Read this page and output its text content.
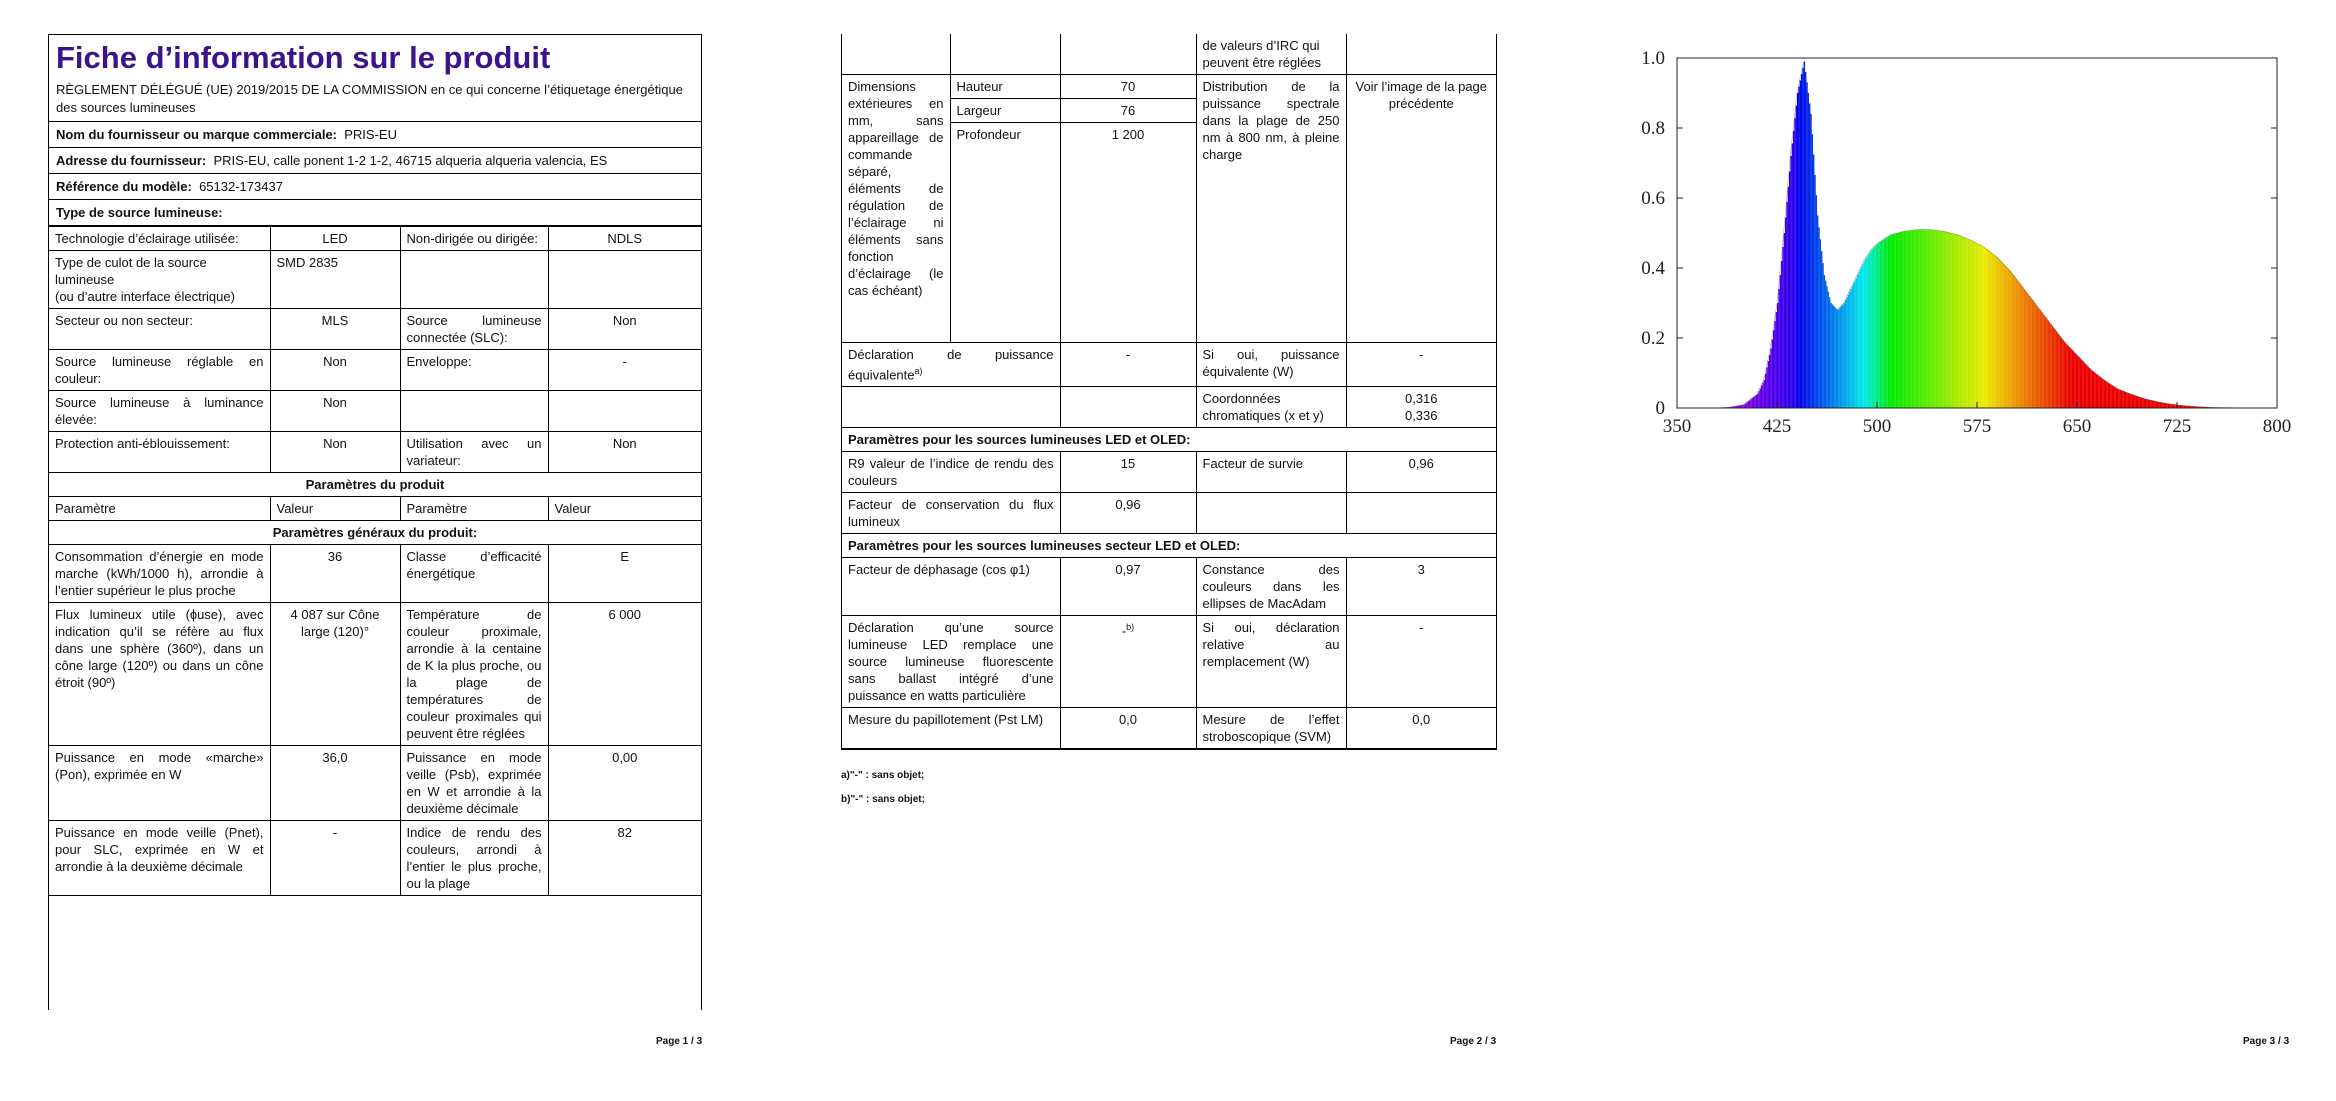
Fiche d’information sur le produit
RÈGLEMENT DÉLÉGUÉ (UE) 2019/2015 DE LA COMMISSION en ce qui concerne l’étiquetage énergétique des sources lumineuses
Nom du fournisseur ou marque commerciale: PRIS-EU
Adresse du fournisseur: PRIS-EU, calle ponent 1-2 1-2, 46715 alqueria alqueria valencia, ES
Référence du modèle: 65132-173437
Type de source lumineuse:
Technologie d’éclairage utilisée:	LED	Non-dirigée ou dirigée:	NDLS
Type de culot de la source lumineuse
(ou d’autre interface électrique)	SMD 2835		
Secteur ou non secteur:	MLS	Source lumineuse connectée (SLC):	Non
Source lumineuse réglable en couleur:	Non	Enveloppe:	-
Source lumineuse à luminance élevée:	Non		
Protection anti-éblouissement:	Non	Utilisation avec un variateur:	Non
Paramètres du produit			
Paramètre	Valeur	Paramètre	Valeur
Paramètres généraux du produit:			
Consommation d’énergie en mode marche (kWh/1000 h), arrondie à l’entier supérieur le plus proche	36	Classe d’efficacité énergétique	E
Flux lumineux utile (ɸuse), avec indication qu’il se réfère au flux dans une sphère (360º), dans un cône large (120º) ou dans un cône étroit (90º)	4 087 sur Cône large (120)°	Température de couleur proximale, arrondie à la centaine de K la plus proche, ou la plage de températures de couleur proximales qui peuvent être réglées	6 000
Puissance en mode «marche» (Pon), exprimée en W	36,0	Puissance en mode veille (Psb), exprimée en W et arrondie à la deuxième décimale	0,00
Puissance en mode veille (Pnet), pour SLC, exprimée en W et arrondie à la deuxième décimale	-	Indice de rendu des couleurs, arrondi à l’entier le plus proche, ou la plage	82
Page 1 / 3
			de valeurs d’IRC qui peuvent être réglées	
Dimensions extérieures en mm, sans appareillage de commande séparé, éléments de régulation de l’éclairage ni éléments sans fonction d’éclairage (le cas échéant)	Hauteur	70	Distribution de la puissance spectrale dans la plage de 250 nm à 800 nm, à pleine charge	Voir l’image de la page précédente
	Largeur	76		
	Profondeur	1 200		
Déclaration de puissance équivalente$^{a)}$		-	Si oui, puissance équivalente (W)	-
			Coordonnées chromatiques (x et y)	0,316
0,336
Paramètres pour les sources lumineuses LED et OLED:				
R9 valeur de l’indice de rendu des couleurs		15	Facteur de survie	0,96
Facteur de conservation du flux lumineux		0,96		
Paramètres pour les sources lumineuses secteur LED et OLED:				
Facteur de déphasage (cos φ1)		0,97	Constance des couleurs dans les ellipses de MacAdam	3
Déclaration qu’une source lumineuse LED remplace une source lumineuse fluorescente sans ballast intégré d’une puissance en watts particulière		-$^{b)}$	Si oui, déclaration relative au remplacement (W)	-
Mesure du papillotement (Pst LM)		0,0	Mesure de l’effet stroboscopique (SVM)	0,0
a)"-" : sans objet;
b)"-" : sans objet;
Page 2 / 3
0
0.2
0.4
0.6
0.8
1.0
350	425	500	575	650	725	800
Page 3 / 3
